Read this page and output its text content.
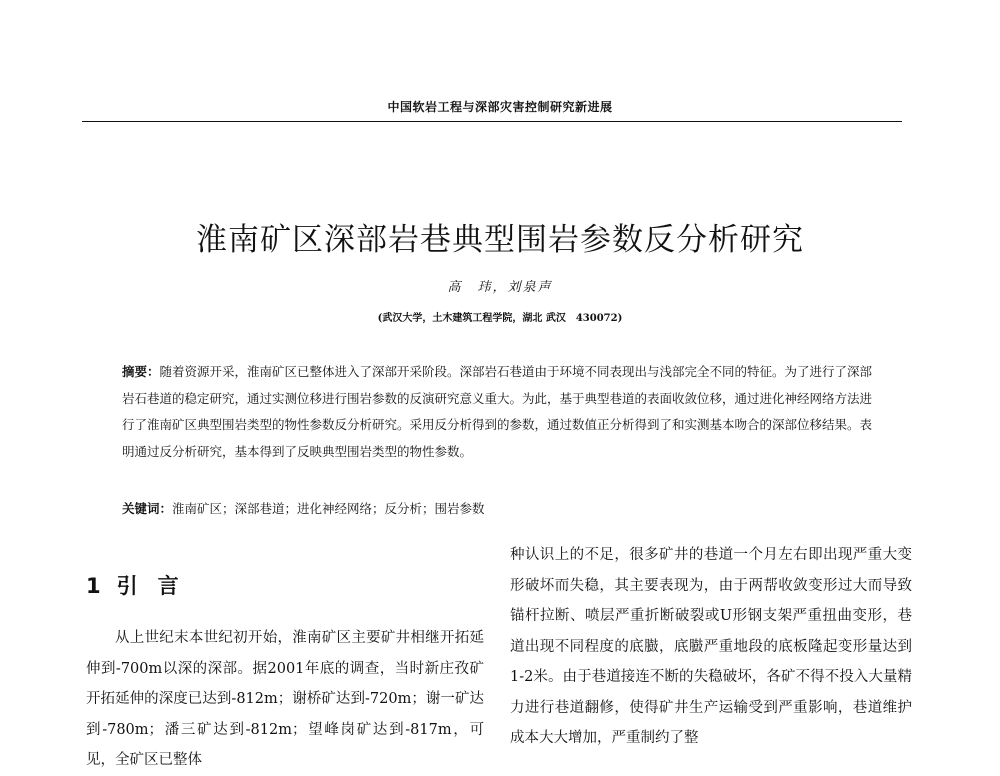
中国软岩工程与深部灾害控制研究新进展
淮南矿区深部岩巷典型围岩参数反分析研究
高　玮，刘泉声
(武汉大学，土木建筑工程学院，湖北 武汉　430072)
摘要：随着资源开采，淮南矿区已整体进入了深部开采阶段。深部岩石巷道由于环境不同表现出与浅部完全不同的特征。为了进行了深部岩石巷道的稳定研究，通过实测位移进行围岩参数的反演研究意义重大。为此，基于典型巷道的表面收敛位移，通过进化神经网络方法进行了淮南矿区典型围岩类型的物性参数反分析研究。采用反分析得到的参数，通过数值正分析得到了和实测基本吻合的深部位移结果。表明通过反分析研究，基本得到了反映典型围岩类型的物性参数。
关键词：淮南矿区；深部巷道；进化神经网络；反分析；围岩参数
1 引言

从上世纪末本世纪初开始，淮南矿区主要矿井相继开拓延伸到-700m以深的深部。据2001年底的调查，当时新庄孜矿开拓延伸的深度已达到-812m；谢桥矿达到-720m；谢一矿达到-780m；潘三矿达到-812m；望峰岗矿达到-817m，可见，全矿区已整体

种认识上的不足，很多矿井的巷道一个月左右即出现严重大变形破坏而失稳，其主要表现为，由于两帮收敛变形过大而导致锚杆拉断、喷层严重折断破裂或U形钢支架严重扭曲变形，巷道出现不同程度的底臌，底臌严重地段的底板隆起变形量达到1-2米。由于巷道接连不断的失稳破坏，各矿不得不投入大量精力进行巷道翻修，使得矿井生产运输受到严重影响，巷道维护成本大大增加，严重制约了整
